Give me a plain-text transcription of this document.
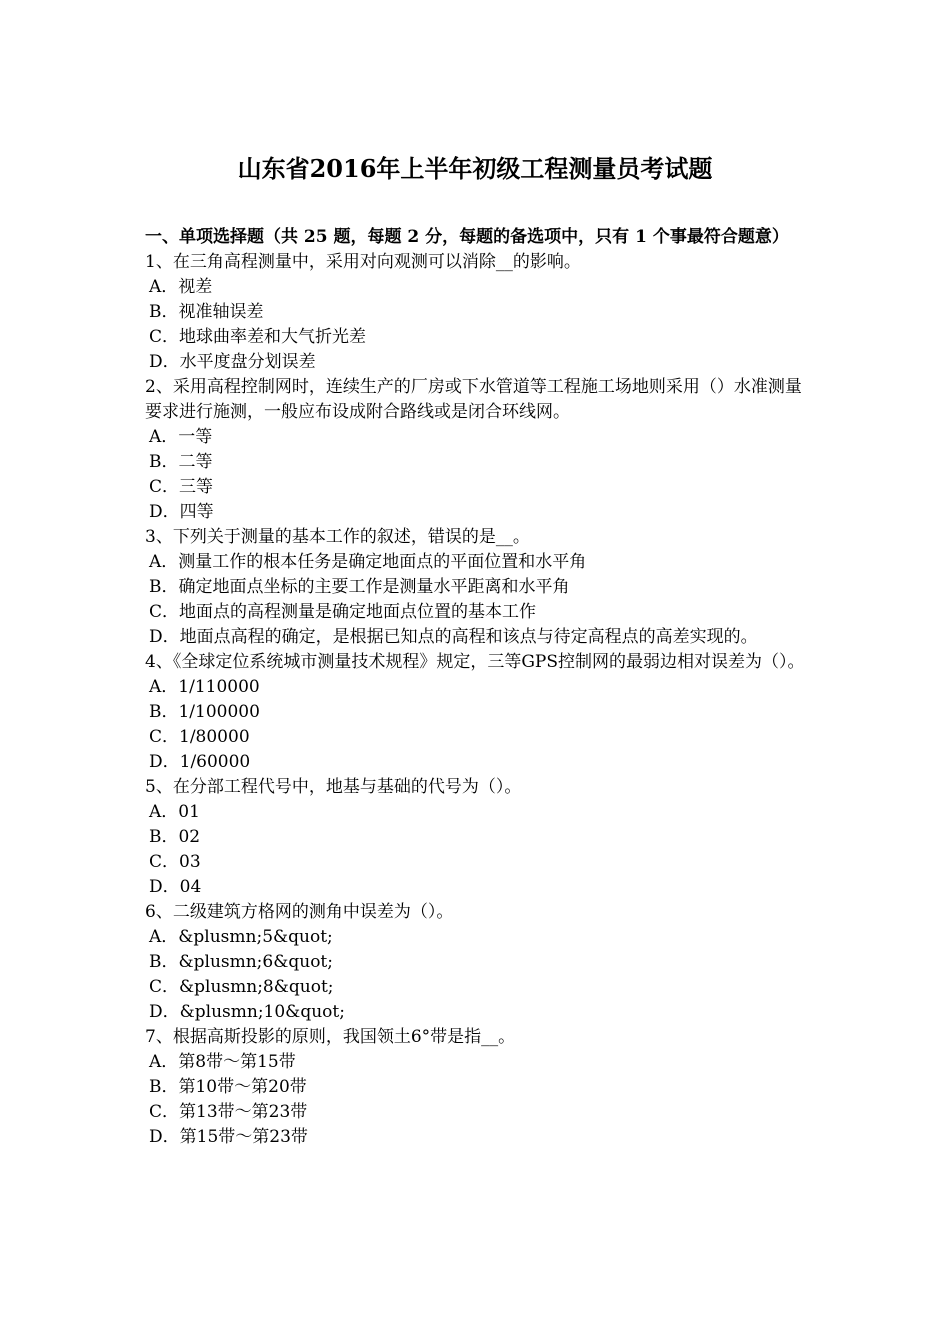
山东省2016年上半年初级工程测量员考试题

一、单项选择题（共 25 题，每题 2 分，每题的备选项中，只有 1 个事最符合题意）

1、在三角高程测量中，采用对向观测可以消除__的影响。

A．视差

B．视准轴误差

C．地球曲率差和大气折光差

D．水平度盘分划误差

2、采用高程控制网时，连续生产的厂房或下水管道等工程施工场地则采用（）水准测量要求进行施测，一般应布设成附合路线或是闭合环线网。

A．一等

B．二等

C．三等

D．四等

3、下列关于测量的基本工作的叙述，错误的是__。

A．测量工作的根本任务是确定地面点的平面位置和水平角

B．确定地面点坐标的主要工作是测量水平距离和水平角

C．地面点的高程测量是确定地面点位置的基本工作

D．地面点高程的确定，是根据已知点的高程和该点与待定高程点的高差实现的。

4、《全球定位系统城市测量技术规程》规定，三等GPS控制网的最弱边相对误差为（）。

A．1/110000

B．1/100000

C．1/80000

D．1/60000

5、在分部工程代号中，地基与基础的代号为（）。

A．01

B．02

C．03

D．04

6、二级建筑方格网的测角中误差为（）。

A．&plusmn;5&quot;

B．&plusmn;6&quot;

C．&plusmn;8&quot;

D．&plusmn;10&quot;

7、根据高斯投影的原则，我国领土6°带是指__。

A．第8带～第15带

B．第10带～第20带

C．第13带～第23带

D．第15带～第23带
